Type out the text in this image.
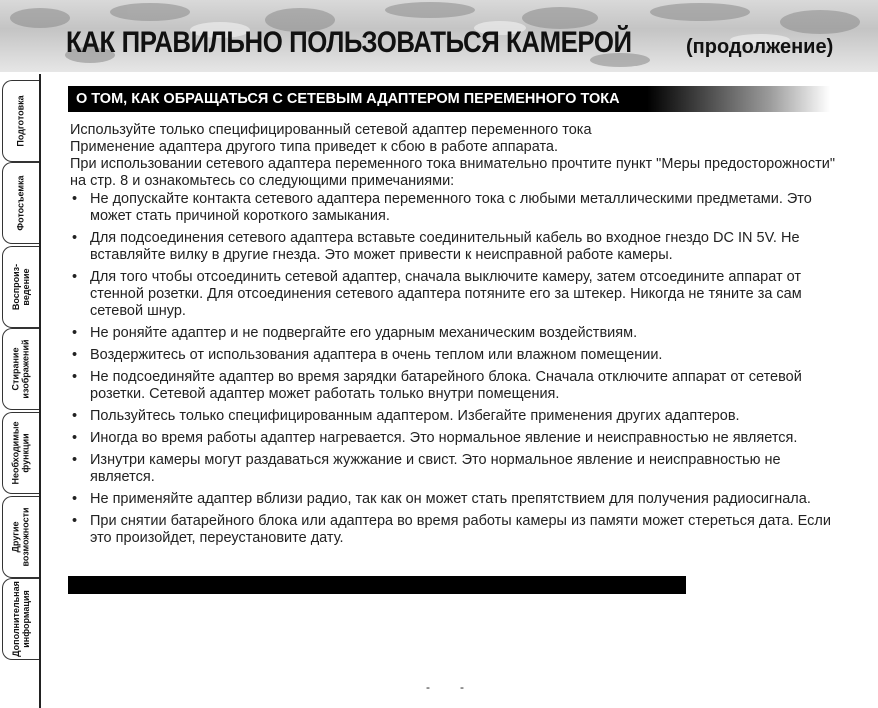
КАК ПРАВИЛЬНО ПОЛЬЗОВАТЬСЯ КАМЕРОЙ	(продолжение)
Подготовка
Фотосъемка
Воспроиз-
ведение
Стирание
изображений
Необходимые
функции
Другие
возможности
Дополнительная
информация
О ТОМ, КАК ОБРАЩАТЬСЯ С СЕТЕВЫМ АДАПТЕРОМ ПЕРЕМЕННОГО ТОКА

Используйте только специфицированный сетевой адаптер переменного тока

Применение адаптера другого типа приведет к сбою в работе аппарата.

При использовании сетевого адаптера переменного тока внимательно прочтите пункт "Меры предосторожности" на стр. 8 и ознакомьтесь со следующими примечаниями:

• Не допускайте контакта сетевого адаптера переменного тока с любыми металлическими предметами. Это может стать причиной короткого замыкания.
• Для подсоединения сетевого адаптера вставьте соединительный кабель во входное гнездо DC IN 5V. Не вставляйте вилку в другие гнезда. Это может привести к неисправной работе камеры.
• Для того чтобы отсоединить сетевой адаптер, сначала выключите камеру, затем отсоедините аппарат от стенной розетки. Для отсоединения сетевого адаптера потяните его за штекер. Никогда не тяните за сам сетевой шнур.
• Не роняйте адаптер и не подвергайте его ударным механическим воздействиям.
• Воздержитесь от использования адаптера в очень теплом или влажном помещении.
• Не подсоединяйте адаптер во время зарядки батарейного блока. Сначала отключите аппарат от сетевой розетки. Сетевой адаптер может работать только внутри помещения.
• Пользуйтесь только специфицированным адаптером. Избегайте применения других адаптеров.
• Иногда во время работы адаптер нагревается. Это нормальное явление и неисправностью не является.
• Изнутри камеры могут раздаваться жужжание и свист. Это нормальное явление и неисправностью не является.
• Не применяйте адаптер вблизи радио, так как он может стать препятствием для получения радиосигнала.
• При снятии батарейного блока или адаптера во время работы камеры из памяти может стереться дата. Если это произойдет, переустановите дату.
-	-
